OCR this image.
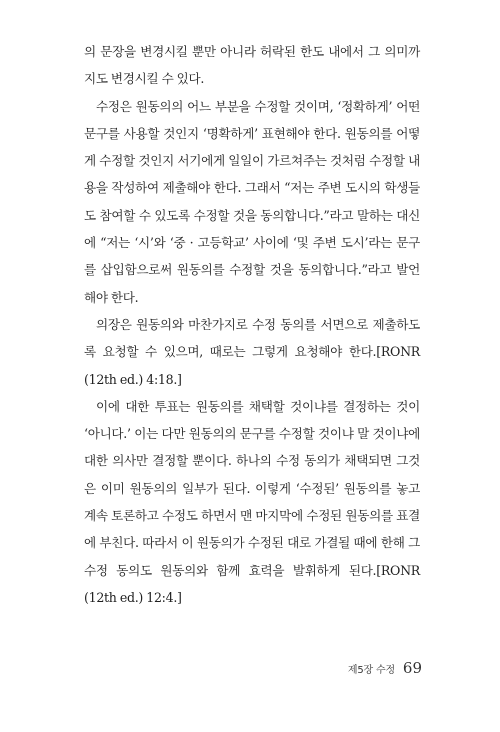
의 문장을 변경시킬 뿐만 아니라 허락된 한도 내에서 그 의미까지도 변경시킬 수 있다.

수정은 원동의의 어느 부분을 수정할 것이며, ‘정확하게’ 어떤 문구를 사용할 것인지 ‘명확하게’ 표현해야 한다. 원동의를 어떻게 수정할 것인지 서기에게 일일이 가르쳐주는 것처럼 수정할 내용을 작성하여 제출해야 한다. 그래서 “저는 주변 도시의 학생들도 참여할 수 있도록 수정할 것을 동의합니다.”라고 말하는 대신에 “저는 ‘시’와 ‘중 · 고등학교’ 사이에 ‘및 주변 도시’라는 문구를 삽입함으로써 원동의를 수정할 것을 동의합니다.”라고 발언해야 한다.

의장은 원동의와 마찬가지로 수정 동의를 서면으로 제출하도록 요청할 수 있으며, 때로는 그렇게 요청해야 한다.[RONR (12th ed.) 4:18.]

이에 대한 투표는 원동의를 채택할 것이냐를 결정하는 것이 ‘아니다.’ 이는 다만 원동의의 문구를 수정할 것이냐 말 것이냐에 대한 의사만 결정할 뿐이다. 하나의 수정 동의가 채택되면 그것은 이미 원동의의 일부가 된다. 이렇게 ‘수정된’ 원동의를 놓고 계속 토론하고 수정도 하면서 맨 마지막에 수정된 원동의를 표결에 부친다. 따라서 이 원동의가 수정된 대로 가결될 때에 한해 그 수정 동의도 원동의와 함께 효력을 발휘하게 된다.[RONR (12th ed.) 12:4.]

제5장 수정 69
